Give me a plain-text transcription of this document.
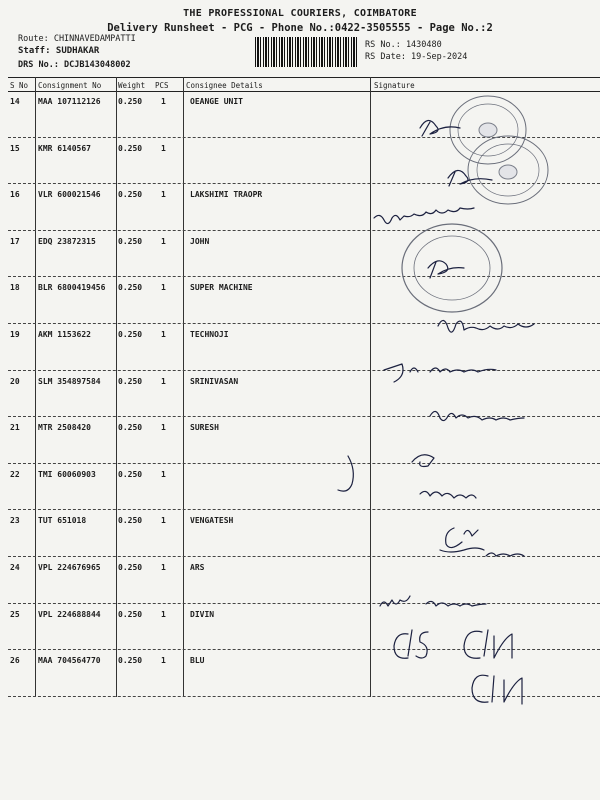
THE PROFESSIONAL COURIERS, COIMBATORE
Delivery Runsheet - PCG - Phone No.:0422-3505555 - Page No.:2
Route: CHINNAVEDAMPATTI
Staff: SUDHAKAR
DRS No.: DCJB143048002
RS No.: 1430480
RS Date: 19-Sep-2024
S No Consignment No Weight PCS Consignee Details	Signature
14 MAA 107112126 0.250 1	OEANGE UNIT
15 KMR 6140567	0.250 1
16 VLR 600021546 0.250 1	LAKSHIMI TRAOPR
17 EDQ 23872315	0.250 1	JOHN
18 BLR 6800419456 0.250 1	SUPER MACHINE
19 AKM 1153622	0.250 1	TECHNOJI
20 SLM 354897584 0.250 1	SRINIVASAN
21 MTR 2508420	0.250 1	SURESH
22 TMI 60060903	0.250 1
23 TUT 651018	0.250 1	VENGATESH
24 VPL 224676965 0.250 1	ARS
25 VPL 224688844 0.250 1	DIVIN
26 MAA 704564770 0.250 1	BLU
